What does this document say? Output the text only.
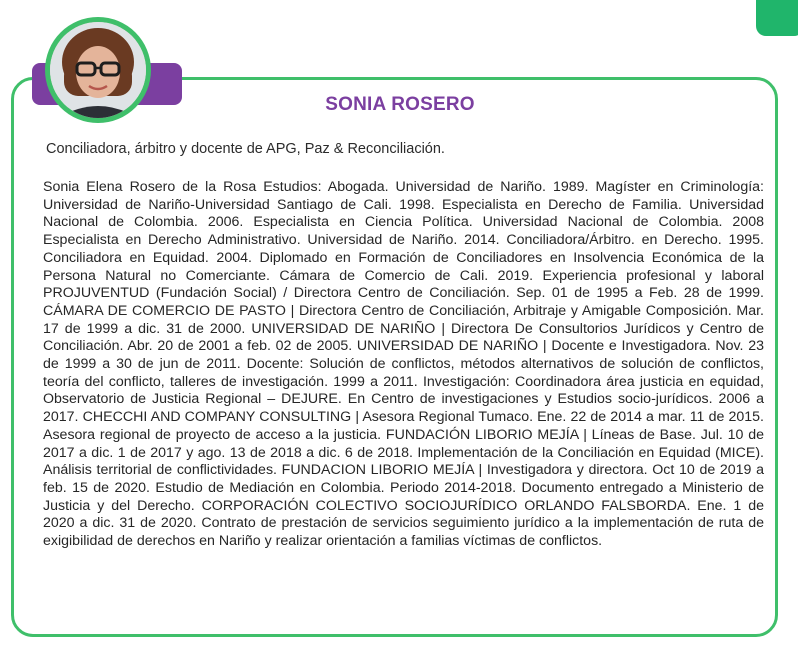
SONIA ROSERO
Conciliadora, árbitro y docente de APG, Paz & Reconciliación.
Sonia Elena Rosero de la Rosa Estudios: Abogada. Universidad de Nariño. 1989. Magíster en Criminología: Universidad de Nariño-Universidad Santiago de Cali. 1998. Especialista en Derecho de Familia. Universidad Nacional de Colombia. 2006. Especialista en Ciencia Política. Universidad Nacional de Colombia. 2008 Especialista en Derecho Administrativo. Universidad de Nariño. 2014. Conciliadora/Árbitro. en Derecho. 1995. Conciliadora en Equidad. 2004. Diplomado en Formación de Conciliadores en Insolvencia Económica de la Persona Natural no Comerciante. Cámara de Comercio de Cali. 2019. Experiencia profesional y laboral PROJUVENTUD (Fundación Social) / Directora Centro de Conciliación. Sep. 01 de 1995 a Feb. 28 de 1999. CÁMARA DE COMERCIO DE PASTO | Directora Centro de Conciliación, Arbitraje y Amigable Composición. Mar. 17 de 1999 a dic. 31 de 2000. UNIVERSIDAD DE NARIÑO | Directora De Consultorios Jurídicos y Centro de Conciliación. Abr. 20 de 2001 a feb. 02 de 2005. UNIVERSIDAD DE NARIÑO | Docente e Investigadora. Nov. 23 de 1999 a 30 de jun de 2011. Docente: Solución de conflictos, métodos alternativos de solución de conflictos, teoría del conflicto, talleres de investigación. 1999 a 2011. Investigación: Coordinadora área justicia en equidad, Observatorio de Justicia Regional – DEJURE. En Centro de investigaciones y Estudios socio-jurídicos. 2006 a 2017. CHECCHI AND COMPANY CONSULTING | Asesora Regional Tumaco. Ene. 22 de 2014 a mar. 11 de 2015. Asesora regional de proyecto de acceso a la justicia. FUNDACIÓN LIBORIO MEJÍA | Líneas de Base. Jul. 10 de 2017 a dic. 1 de 2017 y ago. 13 de 2018 a dic. 6 de 2018. Implementación de la Conciliación en Equidad (MICE). Análisis territorial de conflictividades. FUNDACION LIBORIO MEJÍA | Investigadora y directora. Oct 10 de 2019 a feb. 15 de 2020. Estudio de Mediación en Colombia. Periodo 2014-2018. Documento entregado a Ministerio de Justicia y del Derecho. CORPORACIÓN COLECTIVO SOCIOJURÍDICO ORLANDO FALSBORDA. Ene. 1 de 2020 a dic. 31 de 2020. Contrato de prestación de servicios seguimiento jurídico a la implementación de ruta de exigibilidad de derechos en Nariño y realizar orientación a familias víctimas de conflictos.
